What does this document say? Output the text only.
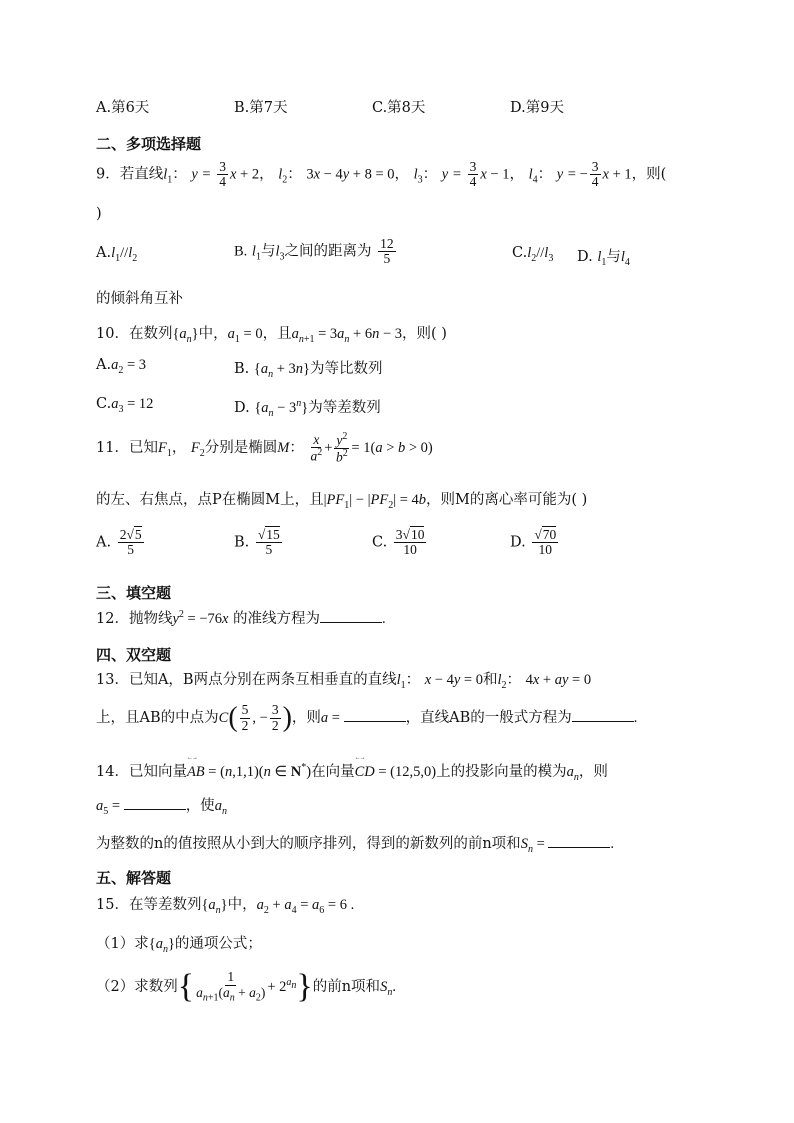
A.第6天	B.第7天	C.第8天	D.第9天
二、多项选择题
9．若直线$l_1$： $y = \frac{3}{4}$ x + 2， $l_2$： 3x − 4y + 8 = 0， $l_3$： $y = \frac{3}{4}$ x − 1， $l_4$： y = − $\frac{3}{4}$ x + 1，则(
)
$A.l_1//l_2$	B. $l_1$与$l_3$之间的距离为 $\frac{12}{5}$	$C.l_2//l_3$ D. $l_1$与$l_4$
的倾斜角互补
10．在数列$\{a_n\}$中，$a_1 = 0$，且$a_{n+1} = 3a_n + 6n - 3$，则( )
$A.a_2 = 3$	B. $\{a_n + 3n\}$为等比数列
$C.a_3 = 12$	D. $\{a_n - 3^n\}$为等差数列
11．已知$F_1$， $F_2$分别是椭圆M： $\frac{x}{a^2} + \frac{y^2}{b^2} = 1(a > b > 0)$
的左、右焦点，点P在椭圆M上，且$|PF_1| - |PF_2| = 4b$，则M的离心率可能为( )
A. $\frac{2√5}{5}$	B. $\frac{√15}{5}$	C. $\frac{3√10}{10}$	D. $\frac{√70}{10}$
三、填空题
12．抛物线$y^2 = -76x$ 的准线方程为	.
四、双空题
13．已知A，B两点分别在两条互相垂直的直线$l_1$： x − 4y = 0和$l_2$： 4x + ay = 0
上，且AB的中点为$C( \frac{5}{2}$ , − $\frac{3}{2}$ )，则a =	，直线AB的一般式方程为	.
14．已知向量←→ AB = (n,1,1)(n ∈ N*)在向量←→ CD = (12,5,0)上的投影向量的模为$a_n$，则
$a_5$ =	，使$a_n$
为整数的n的值按照从小到大的顺序排列，得到的新数列的前n项和$S_n$ =	.
五、解答题
15．在等差数列$\{a_n\}$中，$a_2 + a_4 = a_6 = 6$ .
（1）求$\{a_n\}$的通项公式；
（2）求数列{ $\frac{1}{a_{n+1}(a_n + a_2)} + 2^{a_n}$}的前n项和$S_n$.
